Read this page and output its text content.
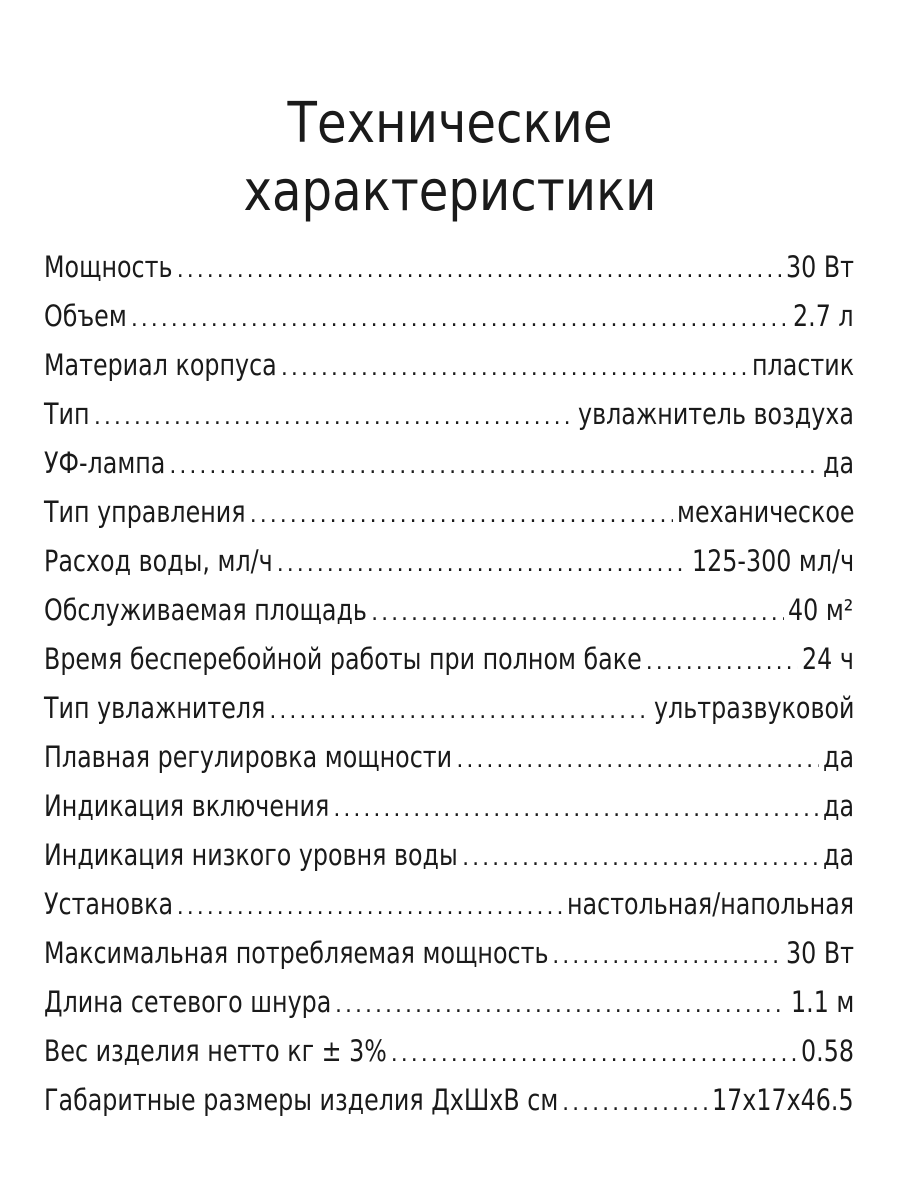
Технические
характеристики
Мощность .....	30 Вт
Объем .....	2.7 л
Материал корпуса .....	пластик
Тип .....	увлажнитель воздуха
УФ-лампа .....	да
Тип управления .....	механическое
Расход воды, мл/ч .....	125-300 мл/ч
Обслуживаемая площадь .....	40 м²
Время бесперебойной работы при полном баке .....	24 ч
Тип увлажнителя .....	ультразвуковой
Плавная регулировка мощности .....	да
Индикация включения .....	да
Индикация низкого уровня воды .....	да
Установка .....	настольная/напольная
Максимальная потребляемая мощность .....	30 Вт
Длина сетевого шнура .....	1.1 м
Вес изделия нетто кг ± 3% .....	0.58
Габаритные размеры изделия ДхШхВ см .....	17x17x46.5
